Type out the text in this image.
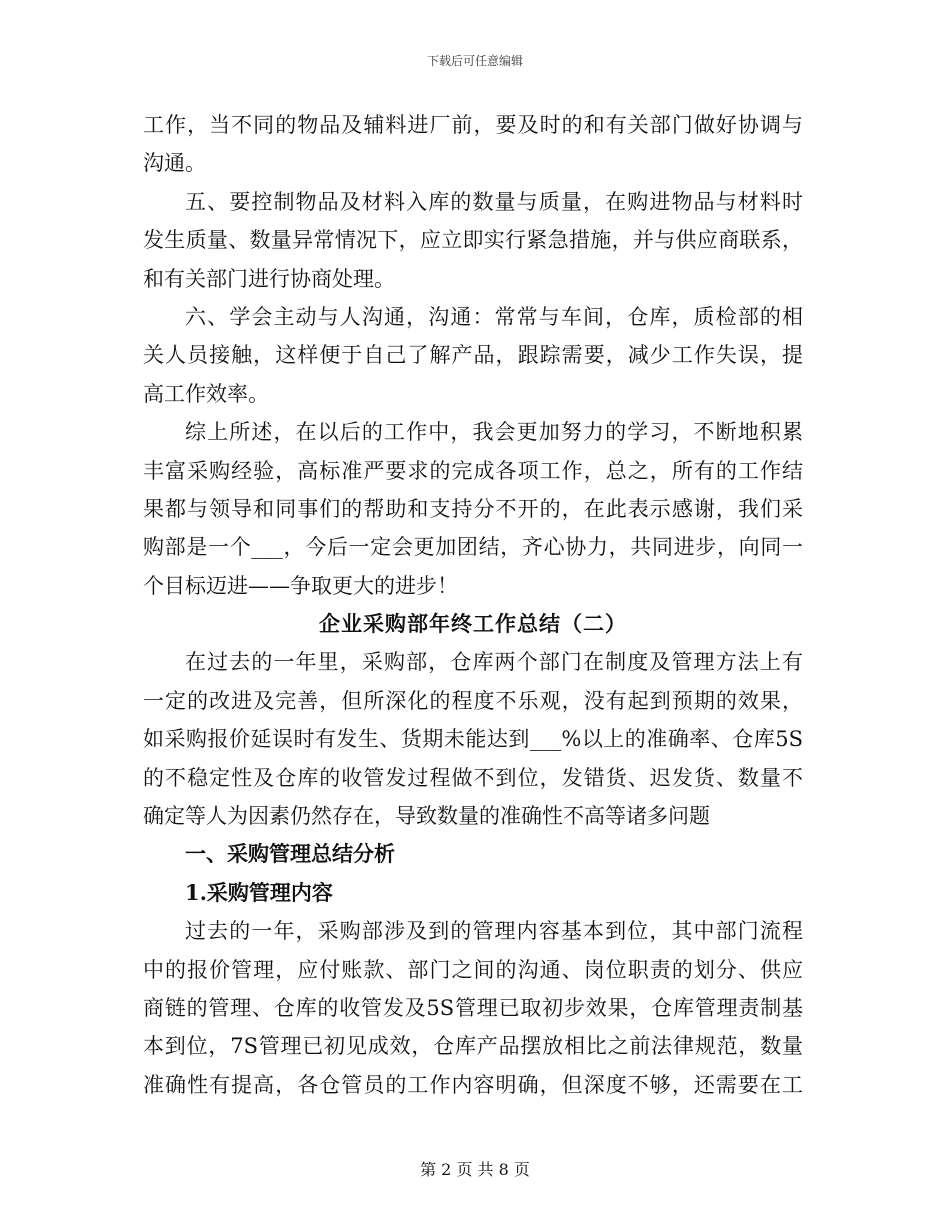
下载后可任意编辑
工作，当不同的物品及辅料进厂前，要及时的和有关部门做好协调与
沟通。
五、要控制物品及材料入库的数量与质量，在购进物品与材料时
发生质量、数量异常情况下，应立即实行紧急措施，并与供应商联系，
和有关部门进行协商处理。
六、学会主动与人沟通，沟通：常常与车间，仓库，质检部的相
关人员接触，这样便于自己了解产品，跟踪需要，减少工作失误，提
高工作效率。
综上所述，在以后的工作中，我会更加努力的学习，不断地积累
丰富采购经验，高标准严要求的完成各项工作，总之，所有的工作结
果都与领导和同事们的帮助和支持分不开的，在此表示感谢，我们采
购部是一个___，今后一定会更加团结，齐心协力，共同进步，向同一
个目标迈进——争取更大的进步！
企业采购部年终工作总结（二）
在过去的一年里，采购部，仓库两个部门在制度及管理方法上有
一定的改进及完善，但所深化的程度不乐观，没有起到预期的效果，
如采购报价延误时有发生、货期未能达到___%以上的准确率、仓库5S
的不稳定性及仓库的收管发过程做不到位，发错货、迟发货、数量不
确定等人为因素仍然存在，导致数量的准确性不高等诸多问题
一、采购管理总结分析
1.采购管理内容
过去的一年，采购部涉及到的管理内容基本到位，其中部门流程
中的报价管理，应付账款、部门之间的沟通、岗位职责的划分、供应
商链的管理、仓库的收管发及5S管理已取初步效果，仓库管理责制基
本到位，7S管理已初见成效，仓库产品摆放相比之前法律规范，数量
准确性有提高，各仓管员的工作内容明确，但深度不够，还需要在工
第 2 页 共 8 页
